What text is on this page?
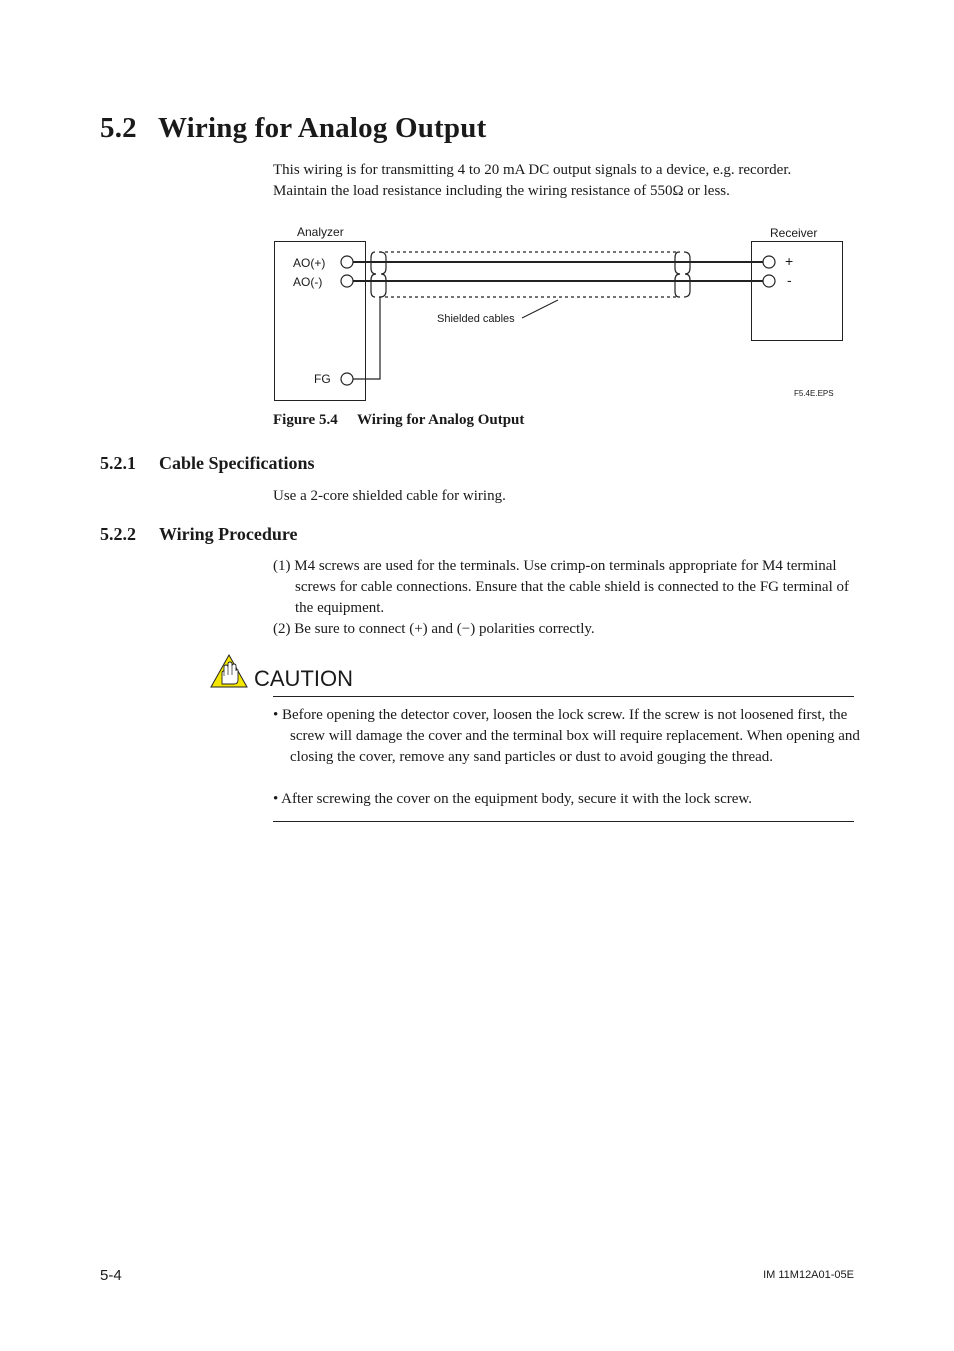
5.2 Wiring for Analog Output
This wiring is for transmitting 4 to 20 mA DC output signals to a device, e.g. recorder.
Maintain the load resistance including the wiring resistance of 550Ω or less.
Analyzer	Receiver
AO(+)
AO(-)
FG
+
-
Shielded cables
F5.4E.EPS
Figure 5.4 Wiring for Analog Output
5.2.1 Cable Specifications
Use a 2-core shielded cable for wiring.
5.2.2 Wiring Procedure
(1) M4 screws are used for the terminals. Use crimp-on terminals appropriate for M4 terminal screws for cable connections. Ensure that the cable shield is connected to the FG terminal of the equipment.
(2) Be sure to connect (+) and (−) polarities correctly.
CAUTION
• Before opening the detector cover, loosen the lock screw. If the screw is not loosened first, the screw will damage the cover and the terminal box will require replacement. When opening and closing the cover, remove any sand particles or dust to avoid gouging the thread.
• After screwing the cover on the equipment body, secure it with the lock screw.
5-4	IM 11M12A01-05E
